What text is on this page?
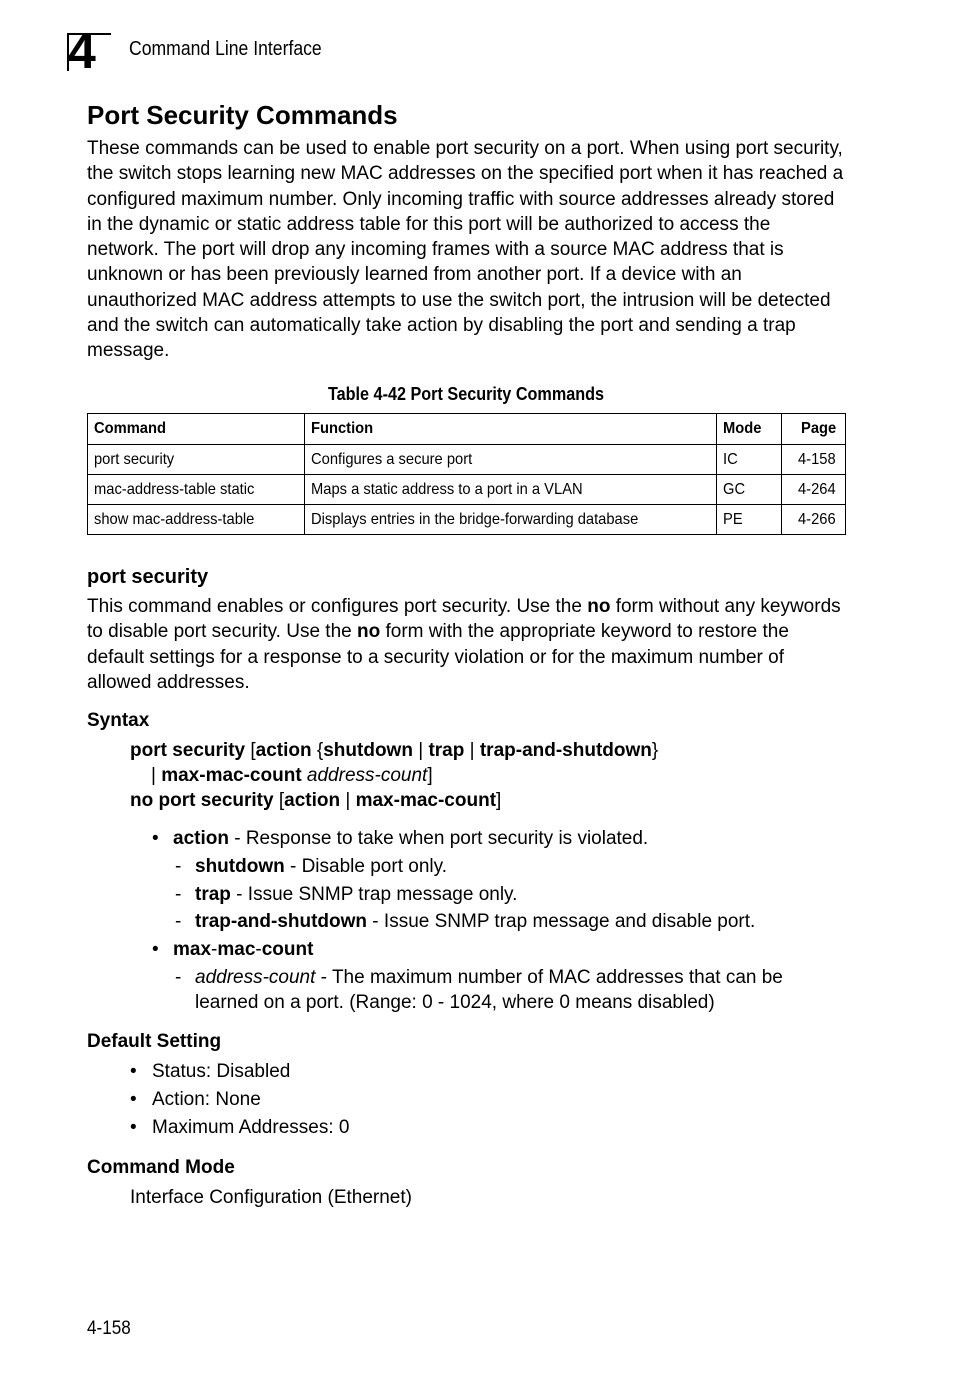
4 Command Line Interface
Port Security Commands

These commands can be used to enable port security on a port. When using port security, the switch stops learning new MAC addresses on the specified port when it has reached a configured maximum number. Only incoming traffic with source addresses already stored in the dynamic or static address table for this port will be authorized to access the network. The port will drop any incoming frames with a source MAC address that is unknown or has been previously learned from another port. If a device with an unauthorized MAC address attempts to use the switch port, the intrusion will be detected and the switch can automatically take action by disabling the port and sending a trap message.

Table 4-42 Port Security Commands
Command	Function	Mode	Page
port security	Configures a secure port	IC	4-158
mac-address-table static	Maps a static address to a port in a VLAN	GC	4-264
show mac-address-table	Displays entries in the bridge-forwarding database	PE	4-266
port security

This command enables or configures port security. Use the no form without any keywords to disable port security. Use the no form with the appropriate keyword to restore the default settings for a response to a security violation or for the maximum number of allowed addresses.

Syntax
port security [action {shutdown | trap | trap-and-shutdown}
| max-mac-count address-count]
no port security [action | max-mac-count]
• action - Response to take when port security is violated.
- shutdown - Disable port only.
- trap - Issue SNMP trap message only.
- trap-and-shutdown - Issue SNMP trap message and disable port.
• max-mac-count
- address-count - The maximum number of MAC addresses that can be
learned on a port. (Range: 0 - 1024, where 0 means disabled)
Default Setting
• Status: Disabled
• Action: None
• Maximum Addresses: 0
Command Mode
Interface Configuration (Ethernet)
4-158
